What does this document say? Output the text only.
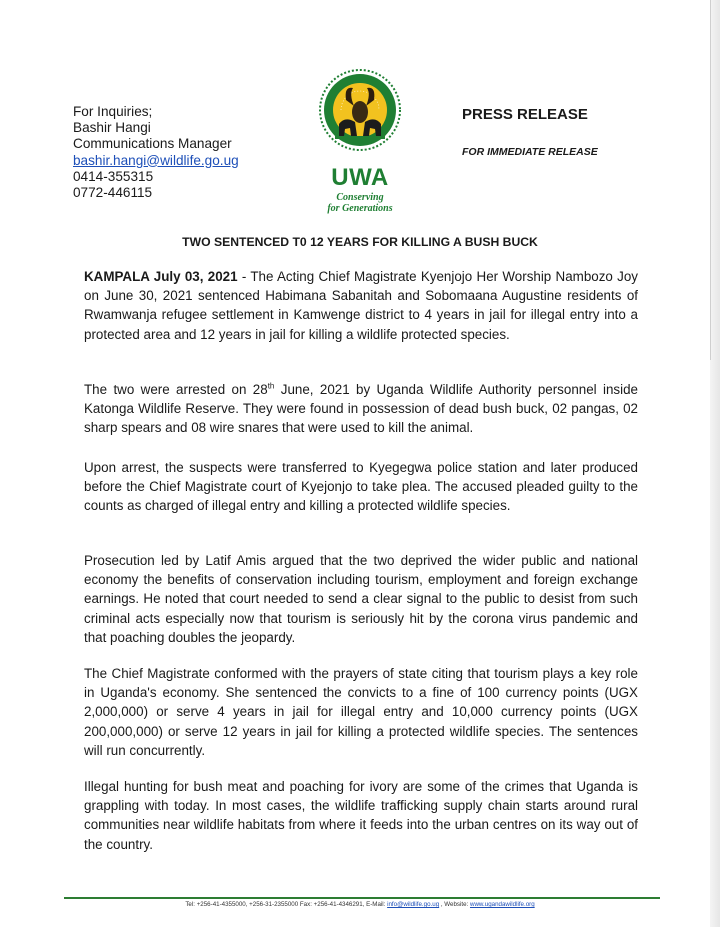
For Inquiries;
Bashir Hangi
Communications Manager
bashir.hangi@wildlife.go.ug
0414-355315
0772-446115
UWA
Conserving
for Generations
PRESS RELEASE
FOR IMMEDIATE RELEASE
TWO SENTENCED T0 12 YEARS FOR KILLING A BUSH BUCK
KAMPALA July 03, 2021 - The Acting Chief Magistrate Kyenjojo Her Worship Nambozo Joy on June 30, 2021 sentenced Habimana Sabanitah and Sobomaana Augustine residents of Rwamwanja refugee settlement in Kamwenge district to 4 years in jail for illegal entry into a protected area and 12 years in jail for killing a wildlife protected species.
The two were arrested on 28th June, 2021 by Uganda Wildlife Authority personnel inside Katonga Wildlife Reserve. They were found in possession of dead bush buck, 02 pangas, 02 sharp spears and 08 wire snares that were used to kill the animal.
Upon arrest, the suspects were transferred to Kyegegwa police station and later produced before the Chief Magistrate court of Kyejonjo to take plea. The accused pleaded guilty to the counts as charged of illegal entry and killing a protected wildlife species.
Prosecution led by Latif Amis argued that the two deprived the wider public and national economy the benefits of conservation including tourism, employment and foreign exchange earnings. He noted that court needed to send a clear signal to the public to desist from such criminal acts especially now that tourism is seriously hit by the corona virus pandemic and that poaching doubles the jeopardy.
The Chief Magistrate conformed with the prayers of state citing that tourism plays a key role in Uganda's economy. She sentenced the convicts to a fine of 100 currency points (UGX 2,000,000) or serve 4 years in jail for illegal entry and 10,000 currency points (UGX 200,000,000) or serve 12 years in jail for killing a protected wildlife species. The sentences will run concurrently.
Illegal hunting for bush meat and poaching for ivory are some of the crimes that Uganda is grappling with today. In most cases, the wildlife trafficking supply chain starts around rural communities near wildlife habitats from where it feeds into the urban centres on its way out of the country.
Tel: +256-41-4355000, +256-31-2355000 Fax: +256-41-4346291, E-Mail: info@wildlife.go.ug , Website: www.ugandawildlife.org
